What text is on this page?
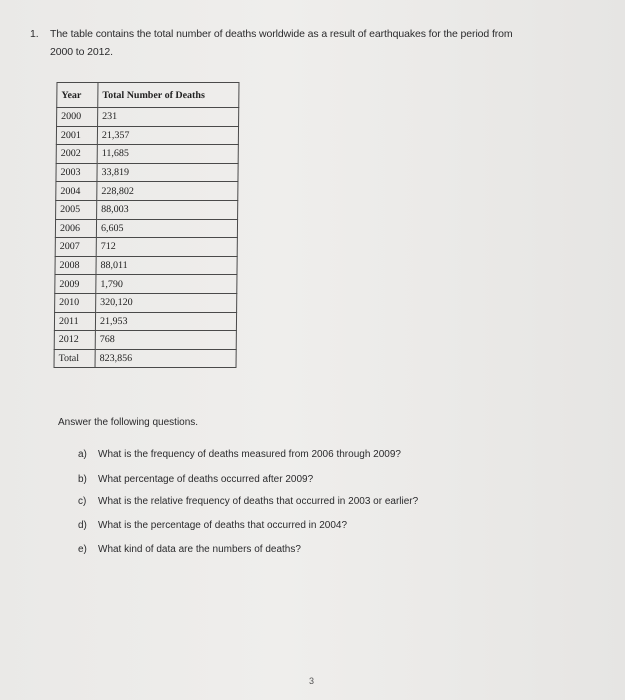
1. The table contains the total number of deaths worldwide as a result of earthquakes for the period from
2000 to 2012.
Year	Total Number of Deaths
2000	231
2001	21,357
2002	11,685
2003	33,819
2004	228,802
2005	88,003
2006	6,605
2007	712
2008	88,011
2009	1,790
2010	320,120
2011	21,953
2012	768
Total	823,856
Answer the following questions.
a) What is the frequency of deaths measured from 2006 through 2009?
b) What percentage of deaths occurred after 2009?
c) What is the relative frequency of deaths that occurred in 2003 or earlier?
d) What is the percentage of deaths that occurred in 2004?
e) What kind of data are the numbers of deaths?
3
